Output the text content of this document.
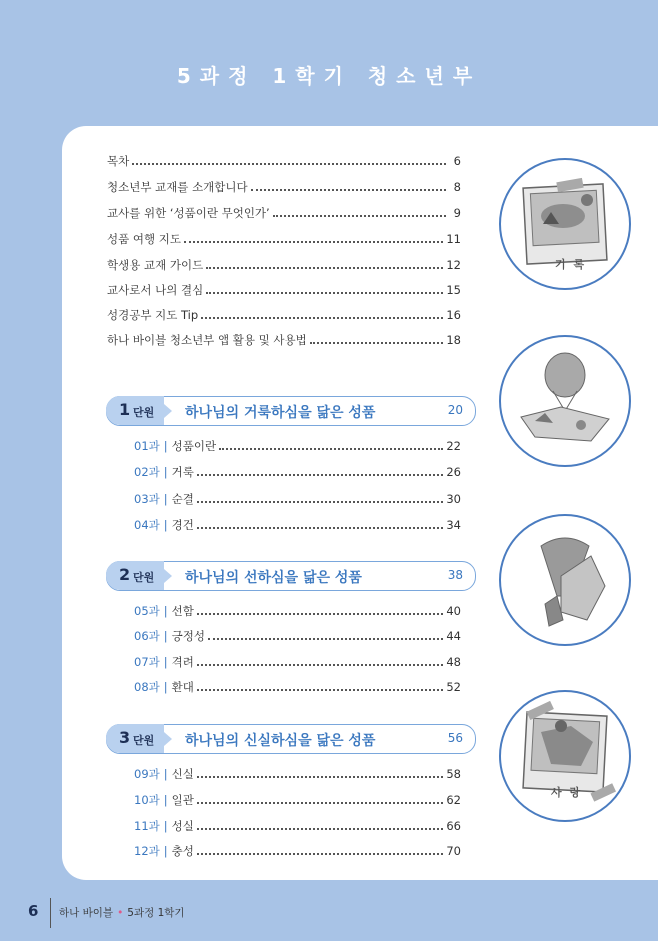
5과정 1학기 청소년부
목차	6
청소년부 교재를 소개합니다	8
교사를 위한 ‘성품이란 무엇인가’	9
성품 여행 지도	11
학생용 교재 가이드	12
교사로서 나의 결심	15
성경공부 지도 Tip	16
하나 바이블 청소년부 앱 활용 및 사용법	18
1 단원 하나님의 거룩하심을 닮은 성품	20
01과 | 성품이란	22
02과 | 거룩	26
03과 | 순결	30
04과 | 경건	34
2 단원 하나님의 선하심을 닮은 성품	38
05과 | 선함	40
06과 | 긍정성	44
07과 | 격려	48
08과 | 환대	52
3 단원 하나님의 신실하심을 닮은 성품	56
09과 | 신실	58
10과 | 일관	62
11과 | 성실	66
12과 | 충성	70
기 록
사 랑
6 하나 바이블 • 5과정 1학기
